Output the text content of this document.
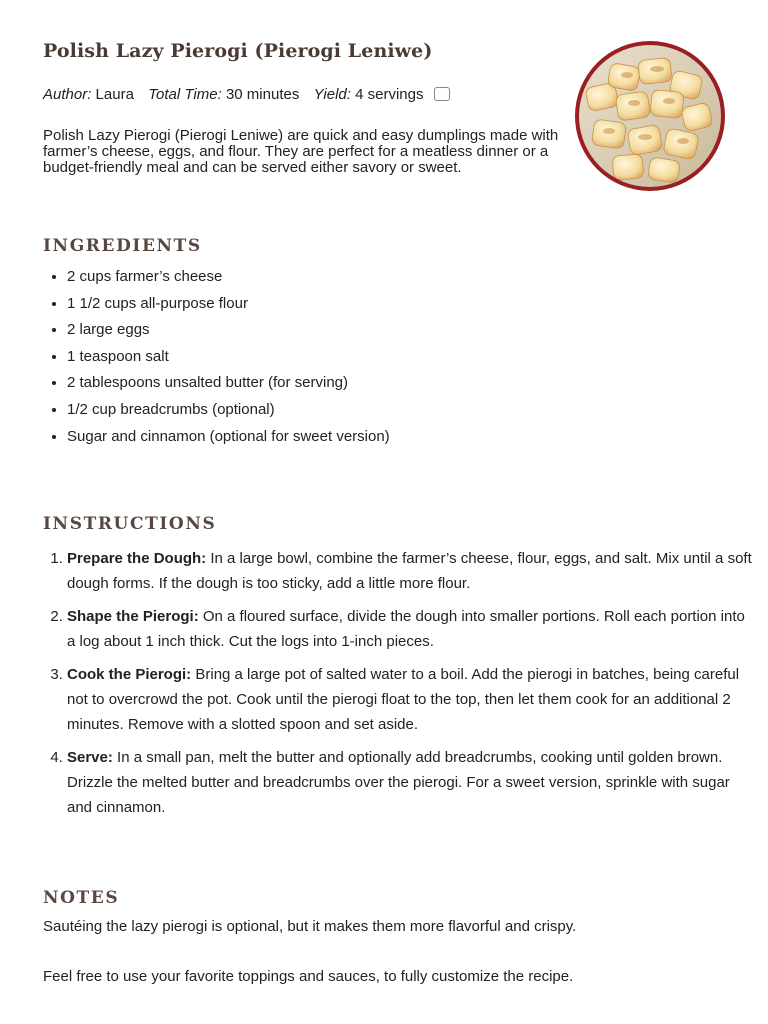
Polish Lazy Pierogi (Pierogi Leniwe)
Author: Laura Total Time: 30 minutes Yield: 4 servings
Polish Lazy Pierogi (Pierogi Leniwe) are quick and easy dumplings made with farmer’s cheese, eggs, and flour. They are perfect for a meatless dinner or a budget-friendly meal and can be served either savory or sweet.
INGREDIENTS
• 2 cups farmer’s cheese
• 1 1/2 cups all-purpose flour
• 2 large eggs
• 1 teaspoon salt
• 2 tablespoons unsalted butter (for serving)
• 1/2 cup breadcrumbs (optional)
• Sugar and cinnamon (optional for sweet version)
INSTRUCTIONS
1. Prepare the Dough: In a large bowl, combine the farmer’s cheese, flour, eggs, and salt. Mix until a soft dough forms. If the dough is too sticky, add a little more flour.
2. Shape the Pierogi: On a floured surface, divide the dough into smaller portions. Roll each portion into a log about 1 inch thick. Cut the logs into 1-inch pieces.
3. Cook the Pierogi: Bring a large pot of salted water to a boil. Add the pierogi in batches, being careful not to overcrowd the pot. Cook until the pierogi float to the top, then let them cook for an additional 2 minutes. Remove with a slotted spoon and set aside.
4. Serve: In a small pan, melt the butter and optionally add breadcrumbs, cooking until golden brown. Drizzle the melted butter and breadcrumbs over the pierogi. For a sweet version, sprinkle with sugar and cinnamon.
NOTES
Sautéing the lazy pierogi is optional, but it makes them more flavorful and crispy.
Feel free to use your favorite toppings and sauces, to fully customize the recipe.
